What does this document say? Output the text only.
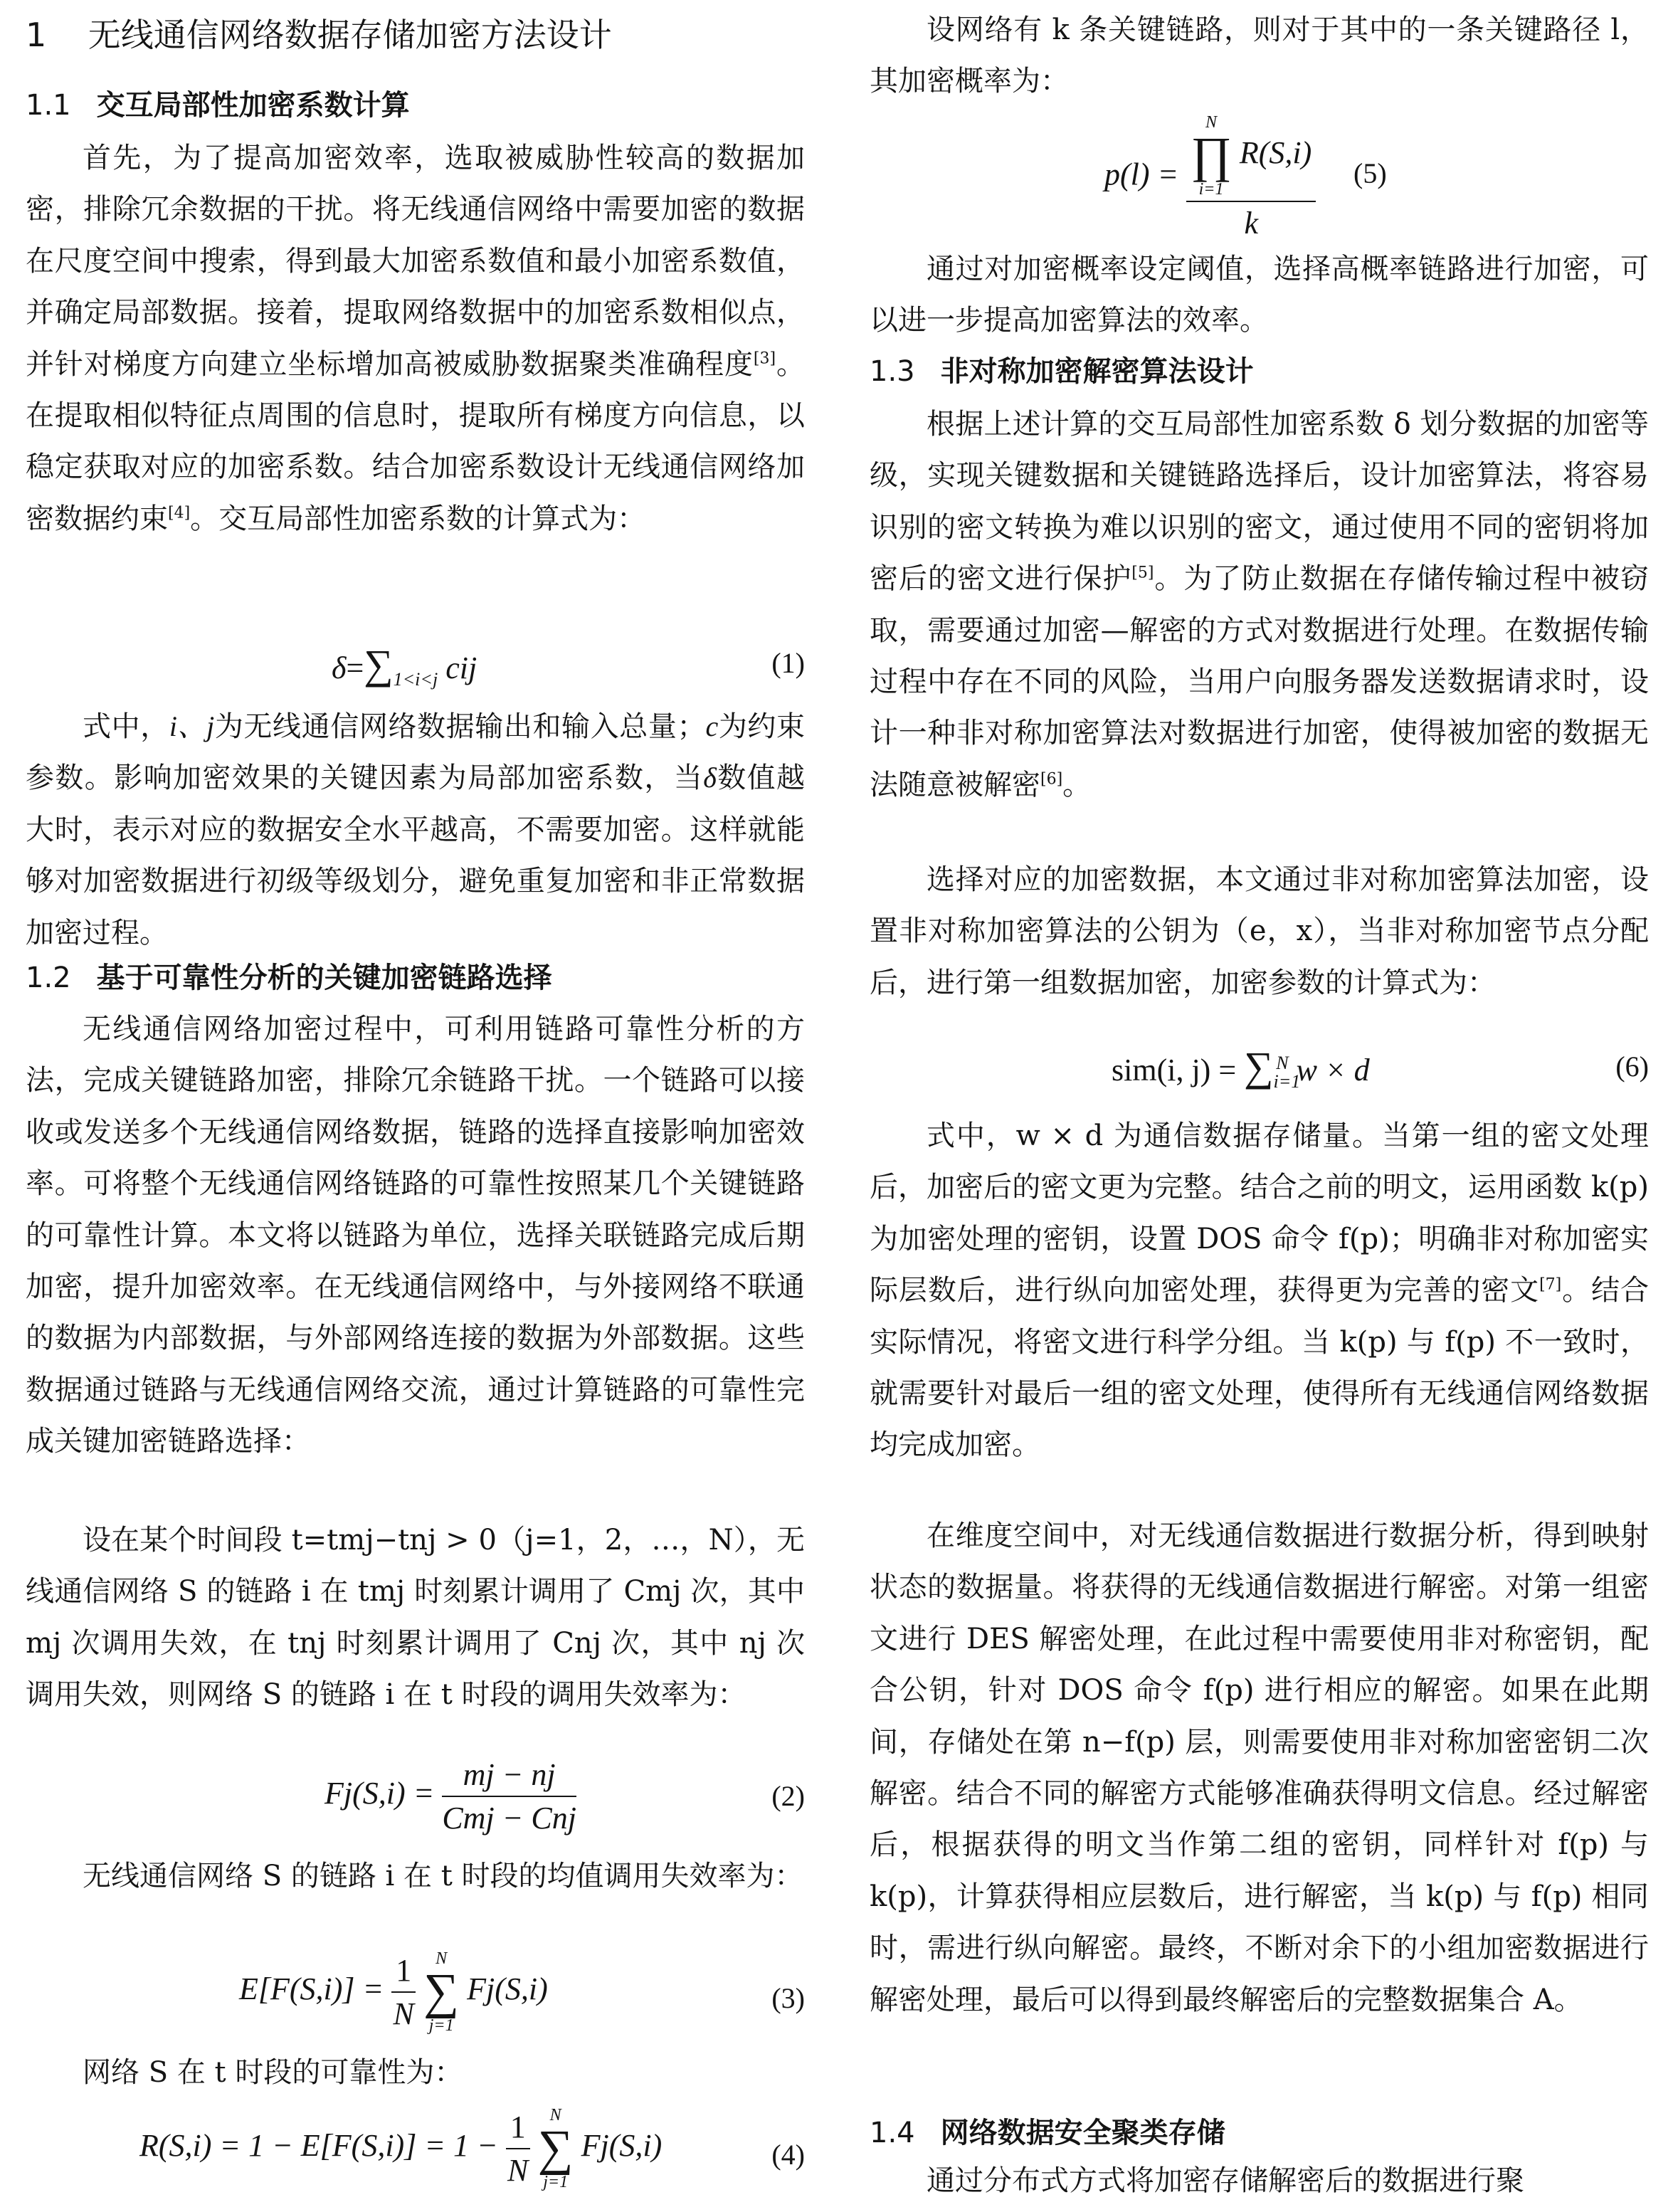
1 无线通信网络数据存储加密方法设计
1.1 交互局部性加密系数计算

首先，为了提高加密效率，选取被威胁性较高的数据加密，排除冗余数据的干扰。将无线通信网络中需要加密的数据在尺度空间中搜索，得到最大加密系数值和最小加密系数值，并确定局部数据。接着，提取网络数据中的加密系数相似点，并针对梯度方向建立坐标增加高被威胁数据聚类准确程度[3]。在提取相似特征点周围的信息时，提取所有梯度方向信息，以稳定获取对应的加密系数。结合加密系数设计无线通信网络加密数据约束[4]。交互局部性加密系数的计算式为：

$\delta=\sum_{1<i<j}$ cij	(1)

式中，i、j为无线通信网络数据输出和输入总量；c为约束参数。影响加密效果的关键因素为局部加密系数，当δ数值越大时，表示对应的数据安全水平越高，不需要加密。这样就能够对加密数据进行初级等级划分，避免重复加密和非正常数据加密过程。

1.2 基于可靠性分析的关键加密链路选择

无线通信网络加密过程中，可利用链路可靠性分析的方法，完成关键链路加密，排除冗余链路干扰。一个链路可以接收或发送多个无线通信网络数据，链路的选择直接影响加密效率。可将整个无线通信网络链路的可靠性按照某几个关键链路的可靠性计算。本文将以链路为单位，选择关联链路完成后期加密，提升加密效率。在无线通信网络中，与外接网络不联通的数据为内部数据，与外部网络连接的数据为外部数据。这些数据通过链路与无线通信网络交流，通过计算链路的可靠性完成关键加密链路选择：

设在某个时间段 t=tmj−tnj > 0（j=1，2，…，N），无线通信网络 S 的链路 i 在 tmj 时刻累计调用了 Cmj 次，其中 mj 次调用失效，在 tnj 时刻累计调用了 Cnj 次，其中 nj 次调用失效，则网络 S 的链路 i 在 t 时段的调用失效率为：

$Fj(S,i) = \frac{mj - nj}{\text{Cmj − Cnj}}$	(2)

无线通信网络 S 的链路 i 在 t 时段的均值调用失效率为：

$E[F(S,i)] = \frac{1}{N}$
	N
∑
j=1
Fj(S,i)	(3)

网络 S 在 t 时段的可靠性为：

$R(S,i) = 1 - E[F(S,i)] = 1 - \frac{1}{N}$
	N
∑
j=1
Fj(S,i)	(4)

设网络有 k 条关键链路，则对于其中的一条关键路径 l，其加密概率为：

p(l) = N
∏
i=1
R(S,i)
k (5)

通过对加密概率设定阈值，选择高概率链路进行加密，可以进一步提高加密算法的效率。

1.3 非对称加密解密算法设计

根据上述计算的交互局部性加密系数 δ 划分数据的加密等级，实现关键数据和关键链路选择后，设计加密算法，将容易识别的密文转换为难以识别的密文，通过使用不同的密钥将加密后的密文进行保护[5]。为了防止数据在存储传输过程中被窃取，需要通过加密—解密的方式对数据进行处理。在数据传输过程中存在不同的风险，当用户向服务器发送数据请求时，设计一种非对称加密算法对数据进行加密，使得被加密的数据无法随意被解密[6]。

选择对应的加密数据，本文通过非对称加密算法加密，设置非对称加密算法的公钥为（e，x），当非对称加密节点分配后，进行第一组数据加密，加密参数的计算式为：

sim(i, $j) = \sum_{i=1}^N$ w × d	(6)

式中，w × d 为通信数据存储量。当第一组的密文处理后，加密后的密文更为完整。结合之前的明文，运用函数 k(p) 为加密处理的密钥，设置 DOS 命令 f(p)；明确非对称加密实际层数后，进行纵向加密处理，获得更为完善的密文[7]。结合实际情况，将密文进行科学分组。当 k(p) 与 f(p) 不一致时，就需要针对最后一组的密文处理，使得所有无线通信网络数据均完成加密。

在维度空间中，对无线通信数据进行数据分析，得到映射状态的数据量。将获得的无线通信数据进行解密。对第一组密文进行 DES 解密处理，在此过程中需要使用非对称密钥，配合公钥，针对 DOS 命令 f(p) 进行相应的解密。如果在此期间，存储处在第 n−f(p) 层，则需要使用非对称加密密钥二次解密。结合不同的解密方式能够准确获得明文信息。经过解密后，根据获得的明文当作第二组的密钥，同样针对 f(p) 与 k(p)，计算获得相应层数后，进行解密，当 k(p) 与 f(p) 相同时，需进行纵向解密。最终，不断对余下的小组加密数据进行解密处理，最后可以得到最终解密后的完整数据集合 A。

1.4 网络数据安全聚类存储

通过分布式方式将加密存储解密后的数据进行聚
